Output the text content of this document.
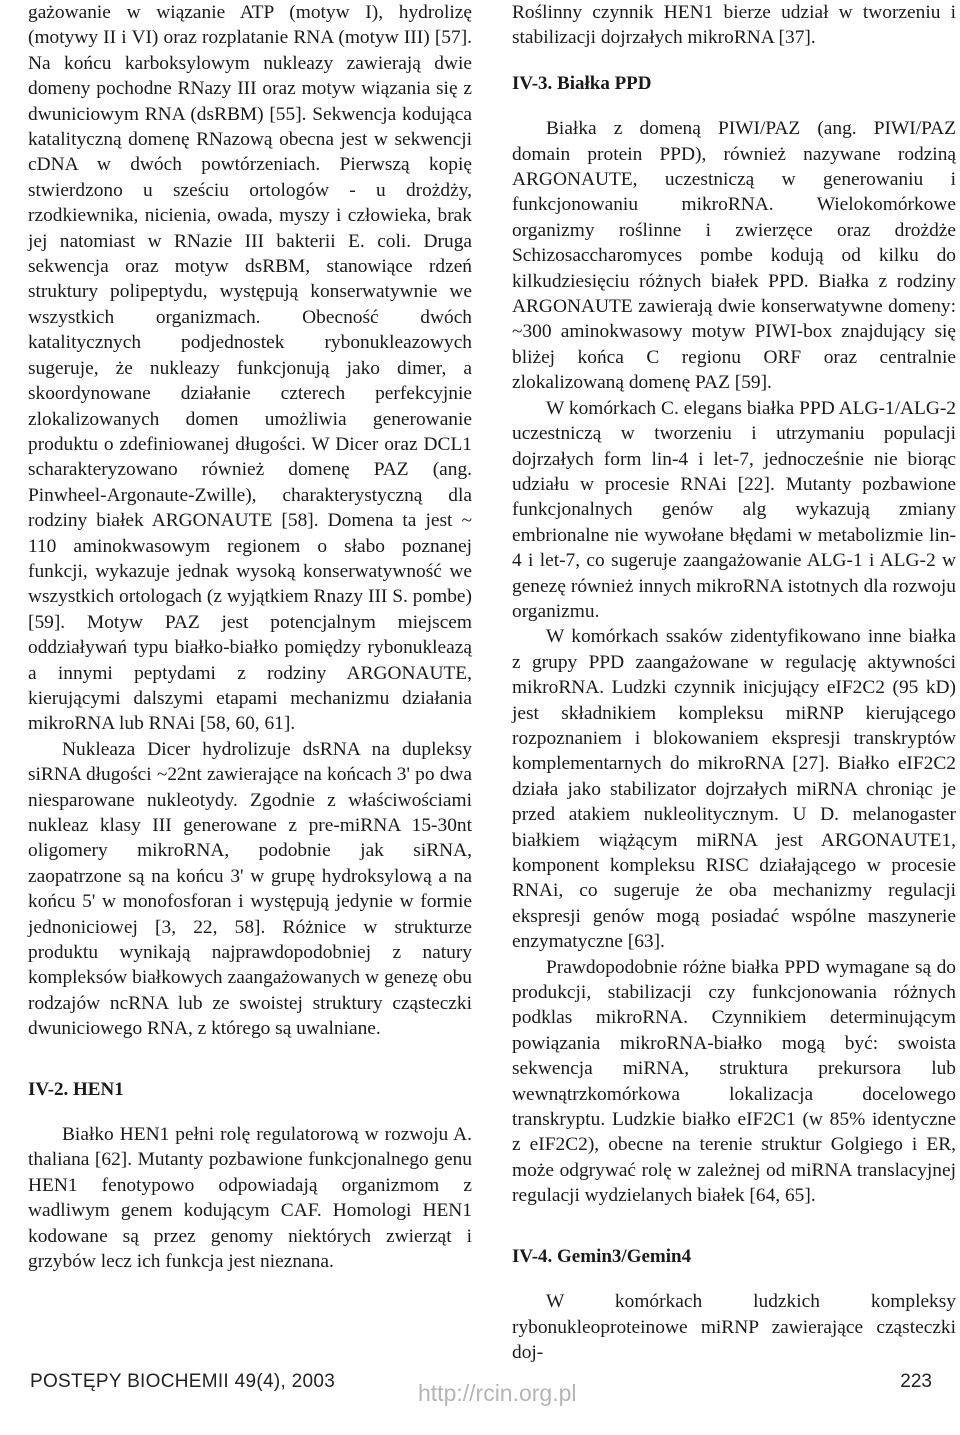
gażowanie w wiązanie ATP (motyw I), hydrolizę (motywy II i VI) oraz rozplatanie RNA (motyw III) [57]. Na końcu karboksylowym nukleazy zawierają dwie domeny pochodne RNazy III oraz motyw wiązania się z dwuniciowym RNA (dsRBM) [55]. Sekwencja kodująca katalityczną domenę RNazową obecna jest w sekwencji cDNA w dwóch powtórzeniach. Pierwszą kopię stwierdzono u sześciu ortologów - u drożdży, rzodkiewnika, nicienia, owada, myszy i człowieka, brak jej natomiast w RNazie III bakterii E. coli. Druga sekwencja oraz motyw dsRBM, stanowiące rdzeń struktury polipeptydu, występują konserwatywnie we wszystkich organizmach. Obecność dwóch katalitycznych podjednostek rybonukleazowych sugeruje, że nukleazy funkcjonują jako dimer, a skoordynowane działanie czterech perfekcyjnie zlokalizowanych domen umożliwia generowanie produktu o zdefiniowanej długości. W Dicer oraz DCL1 scharakteryzowano również domenę PAZ (ang. Pinwheel-Argonaute-Zwille), charakterystyczną dla rodziny białek ARGONAUTE [58]. Domena ta jest ~ 110 aminokwasowym regionem o słabo poznanej funkcji, wykazuje jednak wysoką konserwatywność we wszystkich ortologach (z wyjątkiem Rnazy III S. pombe) [59]. Motyw PAZ jest potencjalnym miejscem oddziaływań typu białko-białko pomiędzy rybonukleazą a innymi peptydami z rodziny ARGONAUTE, kierującymi dalszymi etapami mechanizmu działania mikroRNA lub RNAi [58, 60, 61].

Nukleaza Dicer hydrolizuje dsRNA na dupleksy siRNA długości ~22nt zawierające na końcach 3' po dwa niesparowane nukleotydy. Zgodnie z właściwościami nukleaz klasy III generowane z pre-miRNA 15-30nt oligomery mikroRNA, podobnie jak siRNA, zaopatrzone są na końcu 3' w grupę hydroksylową a na końcu 5' w monofosforan i występują jedynie w formie jednoniciowej [3, 22, 58]. Różnice w strukturze produktu wynikają najprawdopodobniej z natury kompleksów białkowych zaangażowanych w genezę obu rodzajów ncRNA lub ze swoistej struktury cząsteczki dwuniciowego RNA, z którego są uwalniane.

IV-2. HEN1

Białko HEN1 pełni rolę regulatorową w rozwoju A. thaliana [62]. Mutanty pozbawione funkcjonalnego genu HEN1 fenotypowo odpowiadają organizmom z wadliwym genem kodującym CAF. Homologi HEN1 kodowane są przez genomy niektórych zwierząt i grzybów lecz ich funkcja jest nieznana.

Roślinny czynnik HEN1 bierze udział w tworzeniu i stabilizacji dojrzałych mikroRNA [37].

IV-3. Białka PPD

Białka z domeną PIWI/PAZ (ang. PIWI/PAZ domain protein PPD), również nazywane rodziną ARGONAUTE, uczestniczą w generowaniu i funkcjonowaniu mikroRNA. Wielokomórkowe organizmy roślinne i zwierzęce oraz drożdże Schizosaccharomyces pombe kodują od kilku do kilkudziesięciu różnych białek PPD. Białka z rodziny ARGONAUTE zawierają dwie konserwatywne domeny: ~300 aminokwasowy motyw PIWI-box znajdujący się bliżej końca C regionu ORF oraz centralnie zlokalizowaną domenę PAZ [59].

W komórkach C. elegans białka PPD ALG-1/ALG-2 uczestniczą w tworzeniu i utrzymaniu populacji dojrzałych form lin-4 i let-7, jednocześnie nie biorąc udziału w procesie RNAi [22]. Mutanty pozbawione funkcjonalnych genów alg wykazują zmiany embrionalne nie wywołane błędami w metabolizmie lin-4 i let-7, co sugeruje zaangażowanie ALG-1 i ALG-2 w genezę również innych mikroRNA istotnych dla rozwoju organizmu.

W komórkach ssaków zidentyfikowano inne białka z grupy PPD zaangażowane w regulację aktywności mikroRNA. Ludzki czynnik inicjujący eIF2C2 (95 kD) jest składnikiem kompleksu miRNP kierującego rozpoznaniem i blokowaniem ekspresji transkryptów komplementarnych do mikroRNA [27]. Białko eIF2C2 działa jako stabilizator dojrzałych miRNA chroniąc je przed atakiem nukleolitycznym. U D. melanogaster białkiem wiążącym miRNA jest ARGONAUTE1, komponent kompleksu RISC działającego w procesie RNAi, co sugeruje że oba mechanizmy regulacji ekspresji genów mogą posiadać wspólne maszynerie enzymatyczne [63].

Prawdopodobnie różne białka PPD wymagane są do produkcji, stabilizacji czy funkcjonowania różnych podklas mikroRNA. Czynnikiem determinującym powiązania mikroRNA-białko mogą być: swoista sekwencja miRNA, struktura prekursora lub wewnątrzkomórkowa lokalizacja docelowego transkryptu. Ludzkie białko eIF2C1 (w 85% identyczne z eIF2C2), obecne na terenie struktur Golgiego i ER, może odgrywać rolę w zależnej od miRNA translacyjnej regulacji wydzielanych białek [64, 65].

IV-4. Gemin3/Gemin4

W komórkach ludzkich kompleksy rybonukleoproteinowe miRNP zawierające cząsteczki doj-

POSTĘPY BIOCHEMII 49(4), 2003	http://rcin.org.pl	223
